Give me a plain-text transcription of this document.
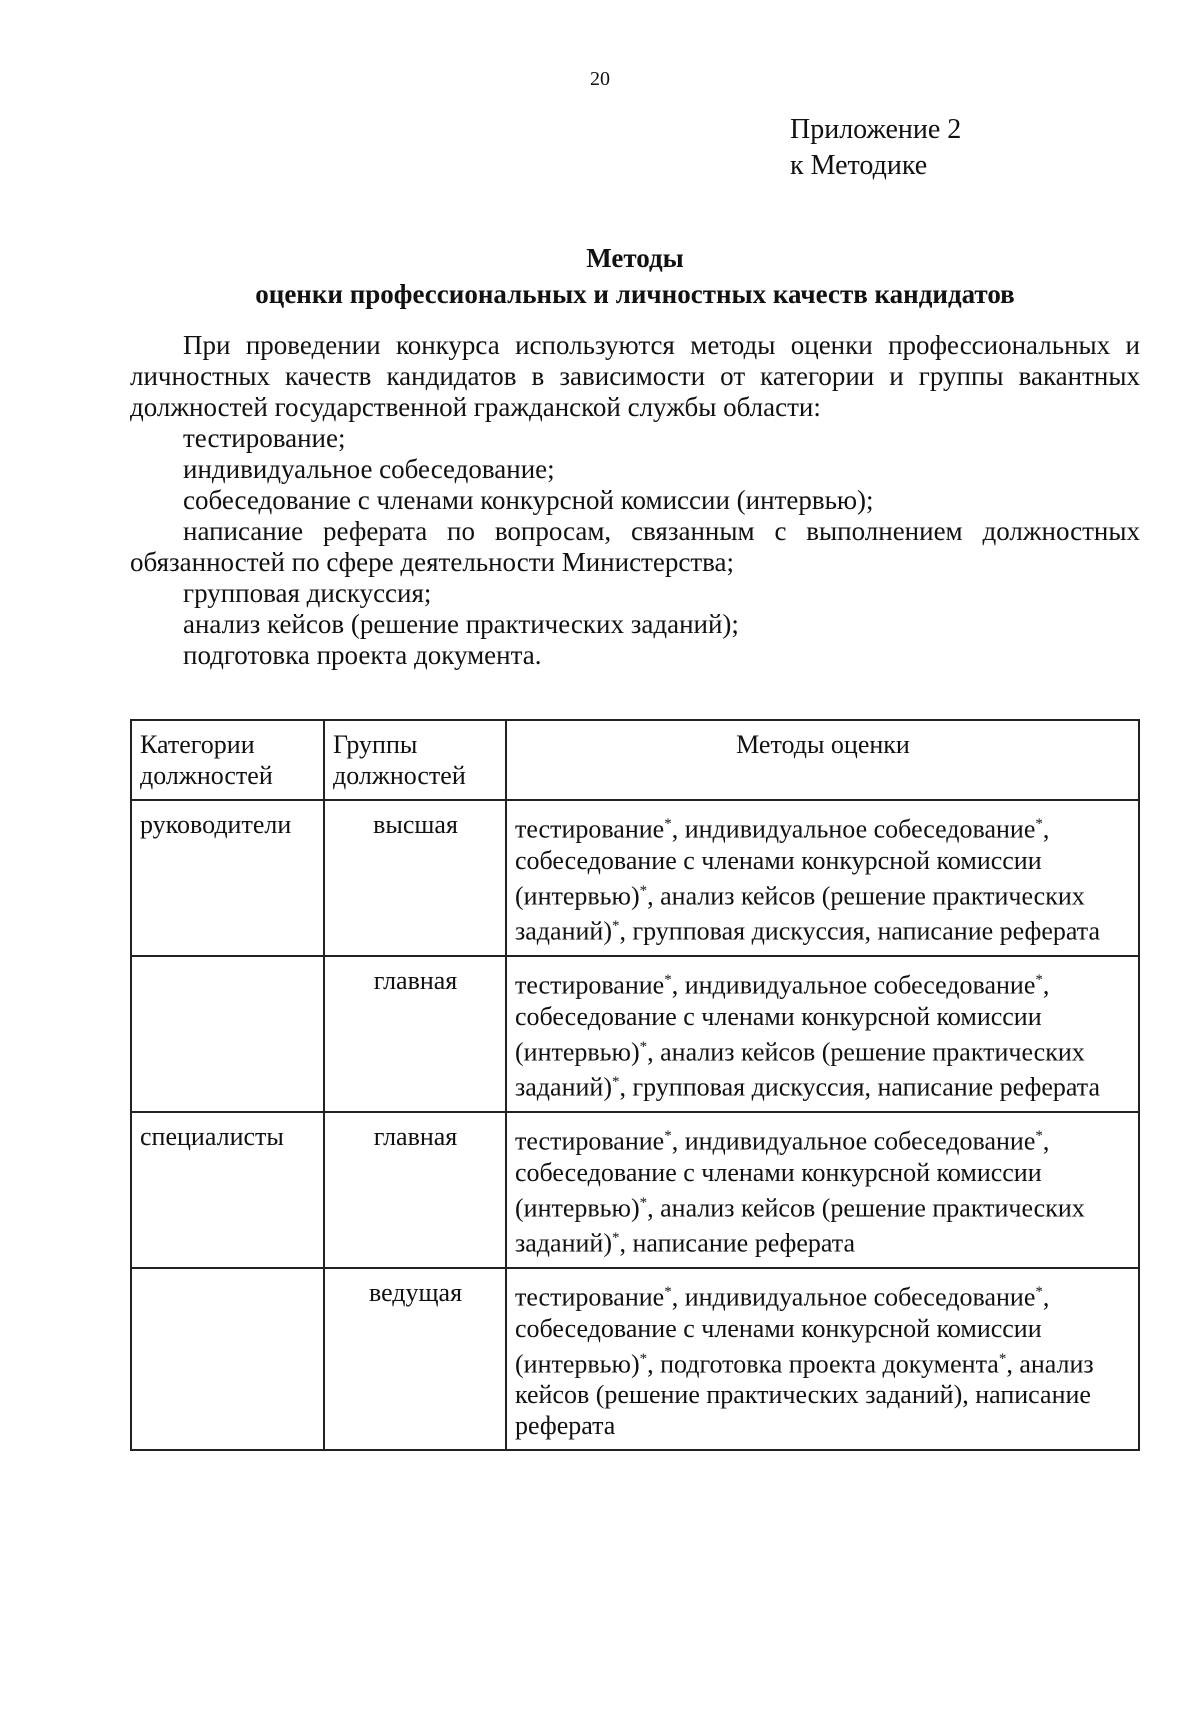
20
Приложение 2
к Методике
Методы
оценки профессиональных и личностных качеств кандидатов

При проведении конкурса используются методы оценки профессиональных и личностных качеств кандидатов в зависимости от категории и группы вакантных должностей государственной гражданской службы области:

тестирование;

индивидуальное собеседование;

собеседование с членами конкурсной комиссии (интервью);

написание реферата по вопросам, связанным с выполнением должностных обязанностей по сфере деятельности Министерства;

групповая дискуссия;

анализ кейсов (решение практических заданий);

подготовка проекта документа.

Категории должностей	Группы должностей	Методы оценки
руководители	высшая	тестирование*, индивидуальное собеседование*, собеседование с членами конкурсной комиссии (интервью)*, анализ кейсов (решение практических заданий)*, групповая дискуссия, написание реферата
	главная	тестирование*, индивидуальное собеседование*, собеседование с членами конкурсной комиссии (интервью)*, анализ кейсов (решение практических заданий)*, групповая дискуссия, написание реферата
специалисты	главная	тестирование*, индивидуальное собеседование*, собеседование с членами конкурсной комиссии (интервью)*, анализ кейсов (решение практических заданий)*, написание реферата
	ведущая	тестирование*, индивидуальное собеседование*, собеседование с членами конкурсной комиссии (интервью)*, подготовка проекта документа*, анализ кейсов (решение практических заданий), написание реферата
